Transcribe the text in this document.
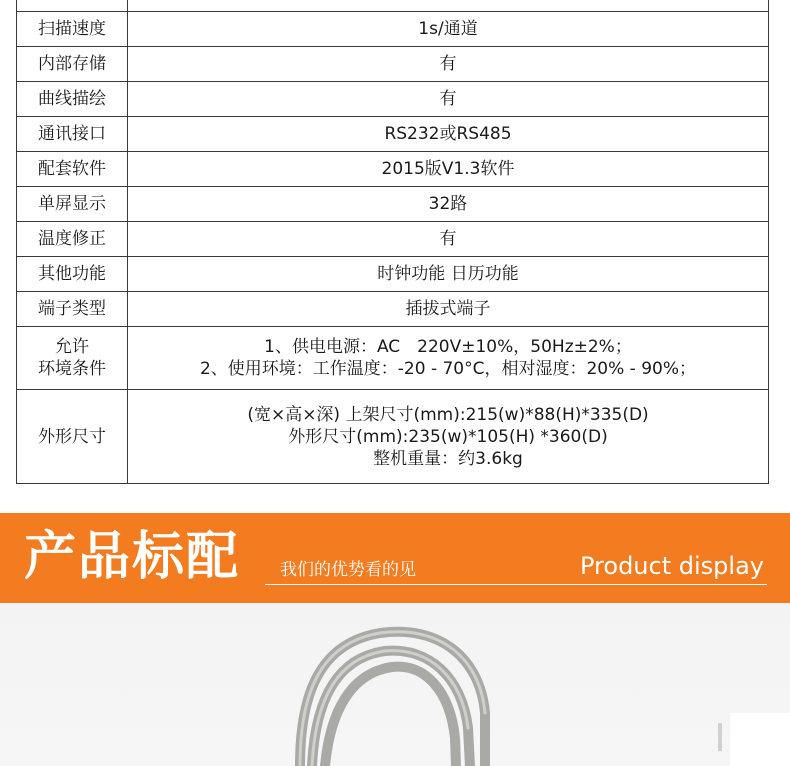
扫描速度	1s/通道
内部存储	有
曲线描绘	有
通讯接口	RS232或RS485
配套软件	2015版V1.3软件
单屏显示	32路
温度修正	有
其他功能	时钟功能 日历功能
端子类型	插拔式端子

允许
环境条件	1、供电电源：AC　220V±10%，50Hz±2%；
2、使用环境：工作温度：-20 - 70°C，相对湿度：20% - 90%；

外形尺寸	(宽×高×深) 上架尺寸(mm):215(w)*88(H)*335(D)
外形尺寸(mm):235(w)*105(H) *360(D)
整机重量：约3.6kg
产品标配 我们的优势看的见	Product display
